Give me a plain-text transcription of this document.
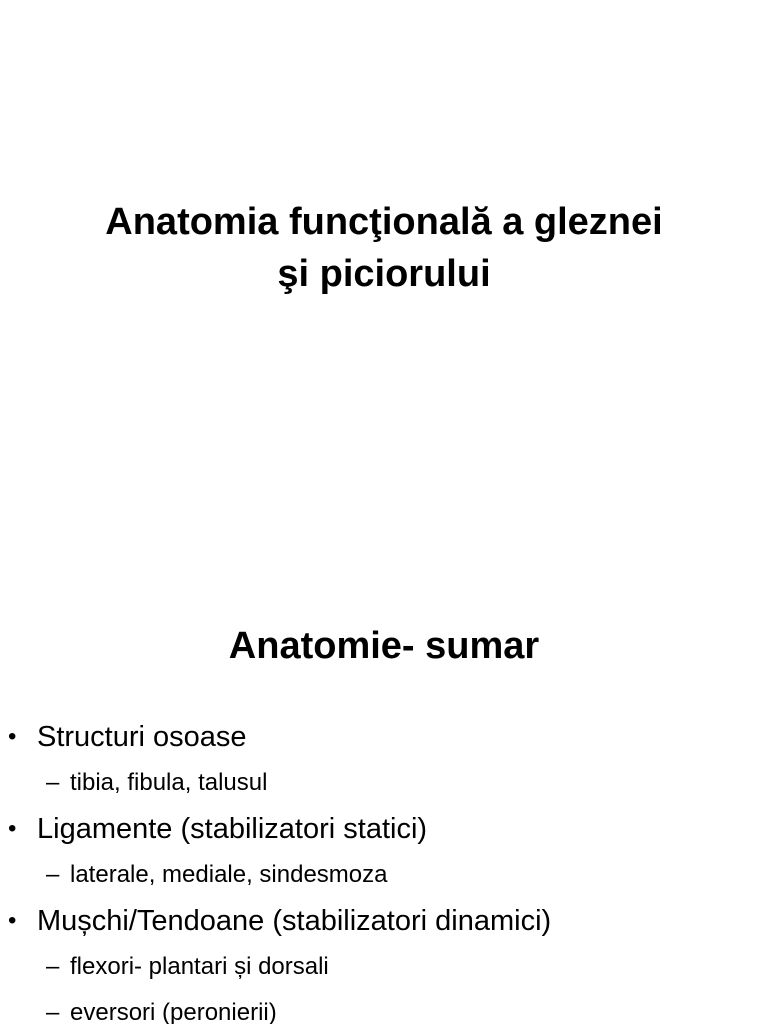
Anatomia funcţională a gleznei
şi piciorului
Anatomie- sumar
• Structuri osoase
– tibia, fibula, talusul
• Ligamente (stabilizatori statici)
– laterale, mediale, sindesmoza
• Mușchi/Tendoane (stabilizatori dinamici)
– flexori- plantari și dorsali
– eversori (peronierii)
